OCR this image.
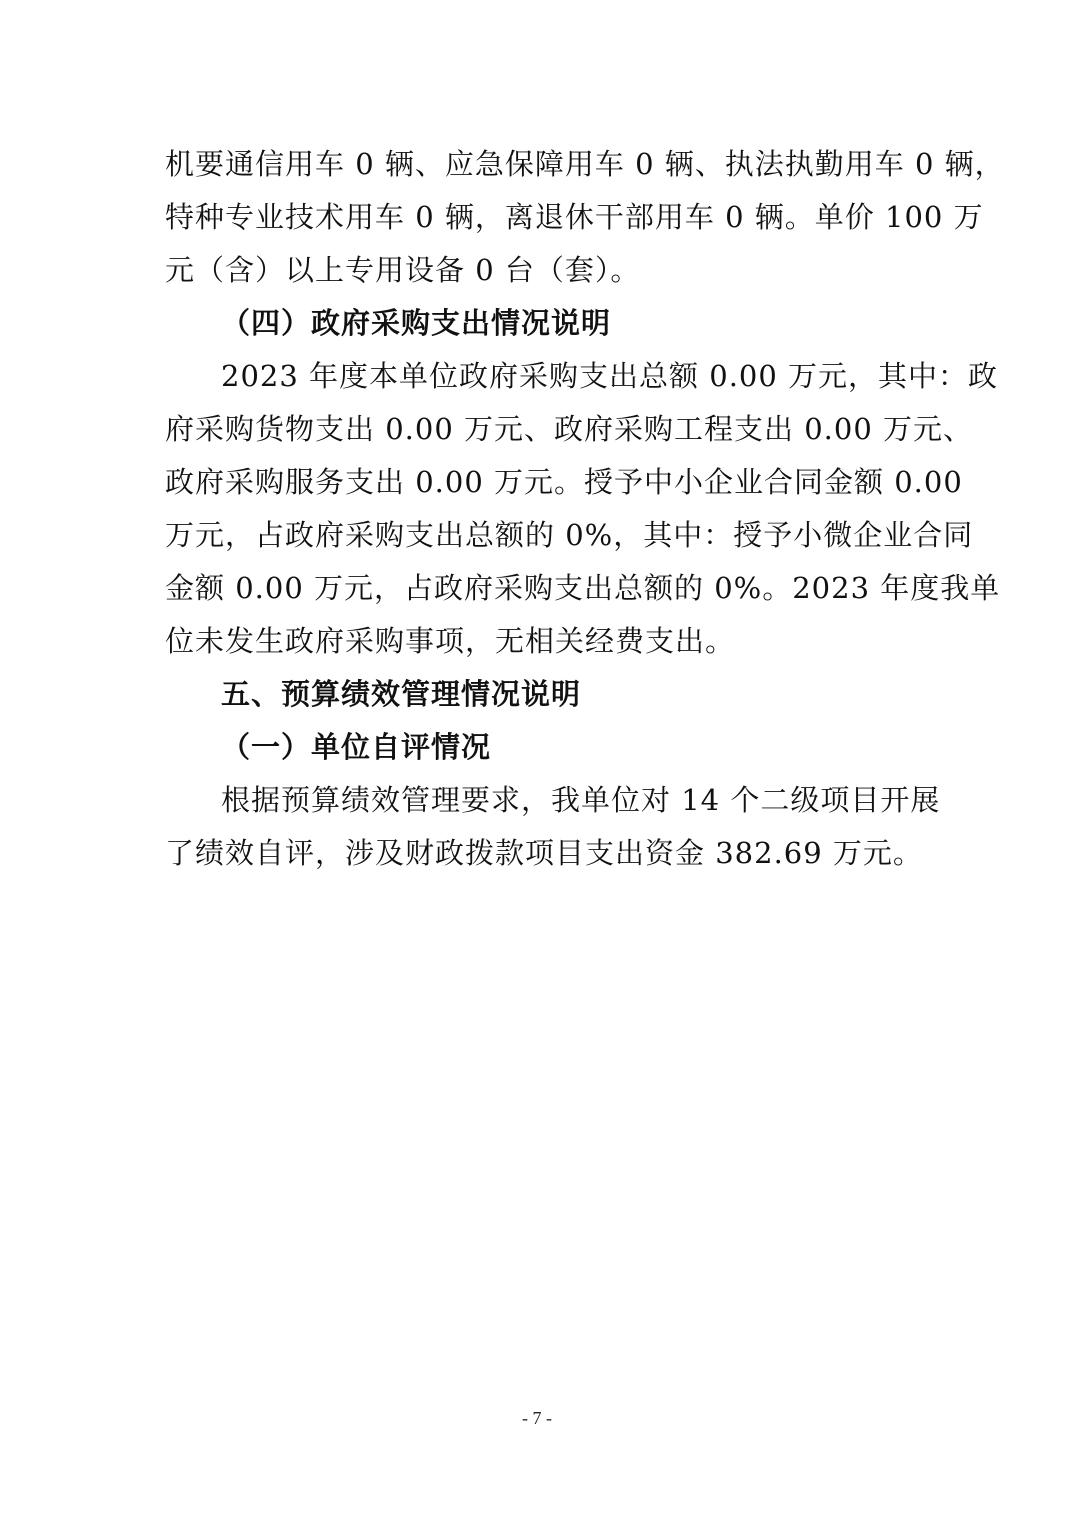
机要通信用车 0 辆、应急保障用车 0 辆、执法执勤用车 0 辆，
特种专业技术用车 0 辆，离退休干部用车 0 辆。单价 100 万
元（含）以上专用设备 0 台（套）。
（四）政府采购支出情况说明
2023 年度本单位政府采购支出总额 0.00 万元，其中：政
府采购货物支出 0.00 万元、政府采购工程支出 0.00 万元、
政府采购服务支出 0.00 万元。授予中小企业合同金额 0.00
万元，占政府采购支出总额的 0%，其中：授予小微企业合同
金额 0.00 万元，占政府采购支出总额的 0%。2023 年度我单
位未发生政府采购事项，无相关经费支出。
五、预算绩效管理情况说明
（一）单位自评情况
根据预算绩效管理要求，我单位对 14 个二级项目开展
了绩效自评，涉及财政拨款项目支出资金 382.69 万元。
- 7 -
